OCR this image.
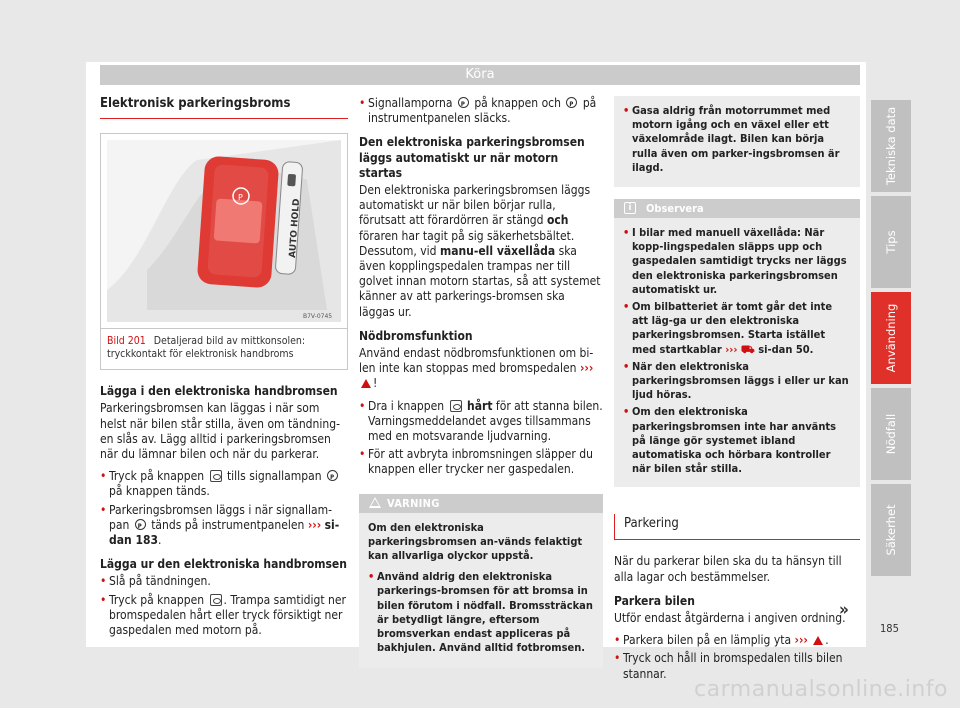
Köra
Elektronisk parkeringsbroms
P
AUTO HOLD
B7V-0745
Bild 201 Detaljerad bild av mittkonsolen: tryckkontakt för elektronisk handbroms
Lägga i den elektroniska handbromsen

Parkeringsbromsen kan läggas i när som helst när bilen står stilla, även om tändning-en slås av. Lägg alltid i parkeringsbromsen när du lämnar bilen och när du parkerar.

• Tryck på knappen tills signallampan P på knappen tänds.
• Parkeringsbromsen läggs i när signallam-pan P tänds på instrumentpanelen ››› si-dan 183.
Lägga ur den elektroniska handbromsen
• Slå på tändningen.
• Tryck på knappen . Trampa samtidigt ner bromspedalen hårt eller tryck försiktigt ner gaspedalen med motorn på.
• Signallamporna P på knappen och P på instrumentpanelen släcks.
Den elektroniska parkeringsbromsen läggs automatiskt ur när motorn startas

Den elektroniska parkeringsbromsen läggs automatiskt ur när bilen börjar rulla, förutsatt att förardörren är stängd och föraren har tagit på sig säkerhetsbältet. Dessutom, vid manu-ell växellåda ska även kopplingspedalen trampas ner till golvet innan motorn startas, så att systemet känner av att parkerings-bromsen ska läggas ur.

Nödbromsfunktion

Använd endast nödbromsfunktionen om bi-len inte kan stoppas med bromspedalen ››› !

• Dra i knappen hårt för att stanna bilen. Varningsmeddelandet avges tillsammans med en motsvarande ljudvarning.
• För att avbryta inbromsningen släpper du knappen eller trycker ner gaspedalen.
VARNING

Om den elektroniska parkeringsbromsen an-vänds felaktigt kan allvarliga olyckor uppstå.

• Använd aldrig den elektroniska parkerings-bromsen för att bromsa in bilen förutom i nödfall. Bromssträckan är betydligt längre, eftersom bromsverkan endast appliceras på bakhjulen. Använd alltid fotbromsen.
• Gasa aldrig från motorrummet med motorn igång och en växel eller ett växelområde ilagt. Bilen kan börja rulla även om parker-ingsbromsen är ilagd.
i	Observera
• I bilar med manuell växellåda: När kopp-lingspedalen släpps upp och gaspedalen samtidigt trycks ner läggs den elektroniska parkeringsbromsen automatiskt ur.
• Om bilbatteriet är tomt går det inte att läg-ga ur den elektroniska parkeringsbromsen. Starta istället med startkablar ››› ⛟ si-dan 50.
• När den elektroniska parkeringsbromsen läggs i eller ur kan ljud höras.
• Om den elektroniska parkeringsbromsen inte har använts på länge gör systemet ibland automatiska och hörbara kontroller när bilen står stilla.
Parkering

När du parkerar bilen ska du ta hänsyn till alla lagar och bestämmelser.

Parkera bilen

Utför endast åtgärderna i angiven ordning.

• Parkera bilen på en lämplig yta ››› .
• Tryck och håll in bromspedalen tills bilen stannar.
»
Tekniska data
Tips
Användning
Nödfall
Säkerhet
185
carmanualsonline.info
